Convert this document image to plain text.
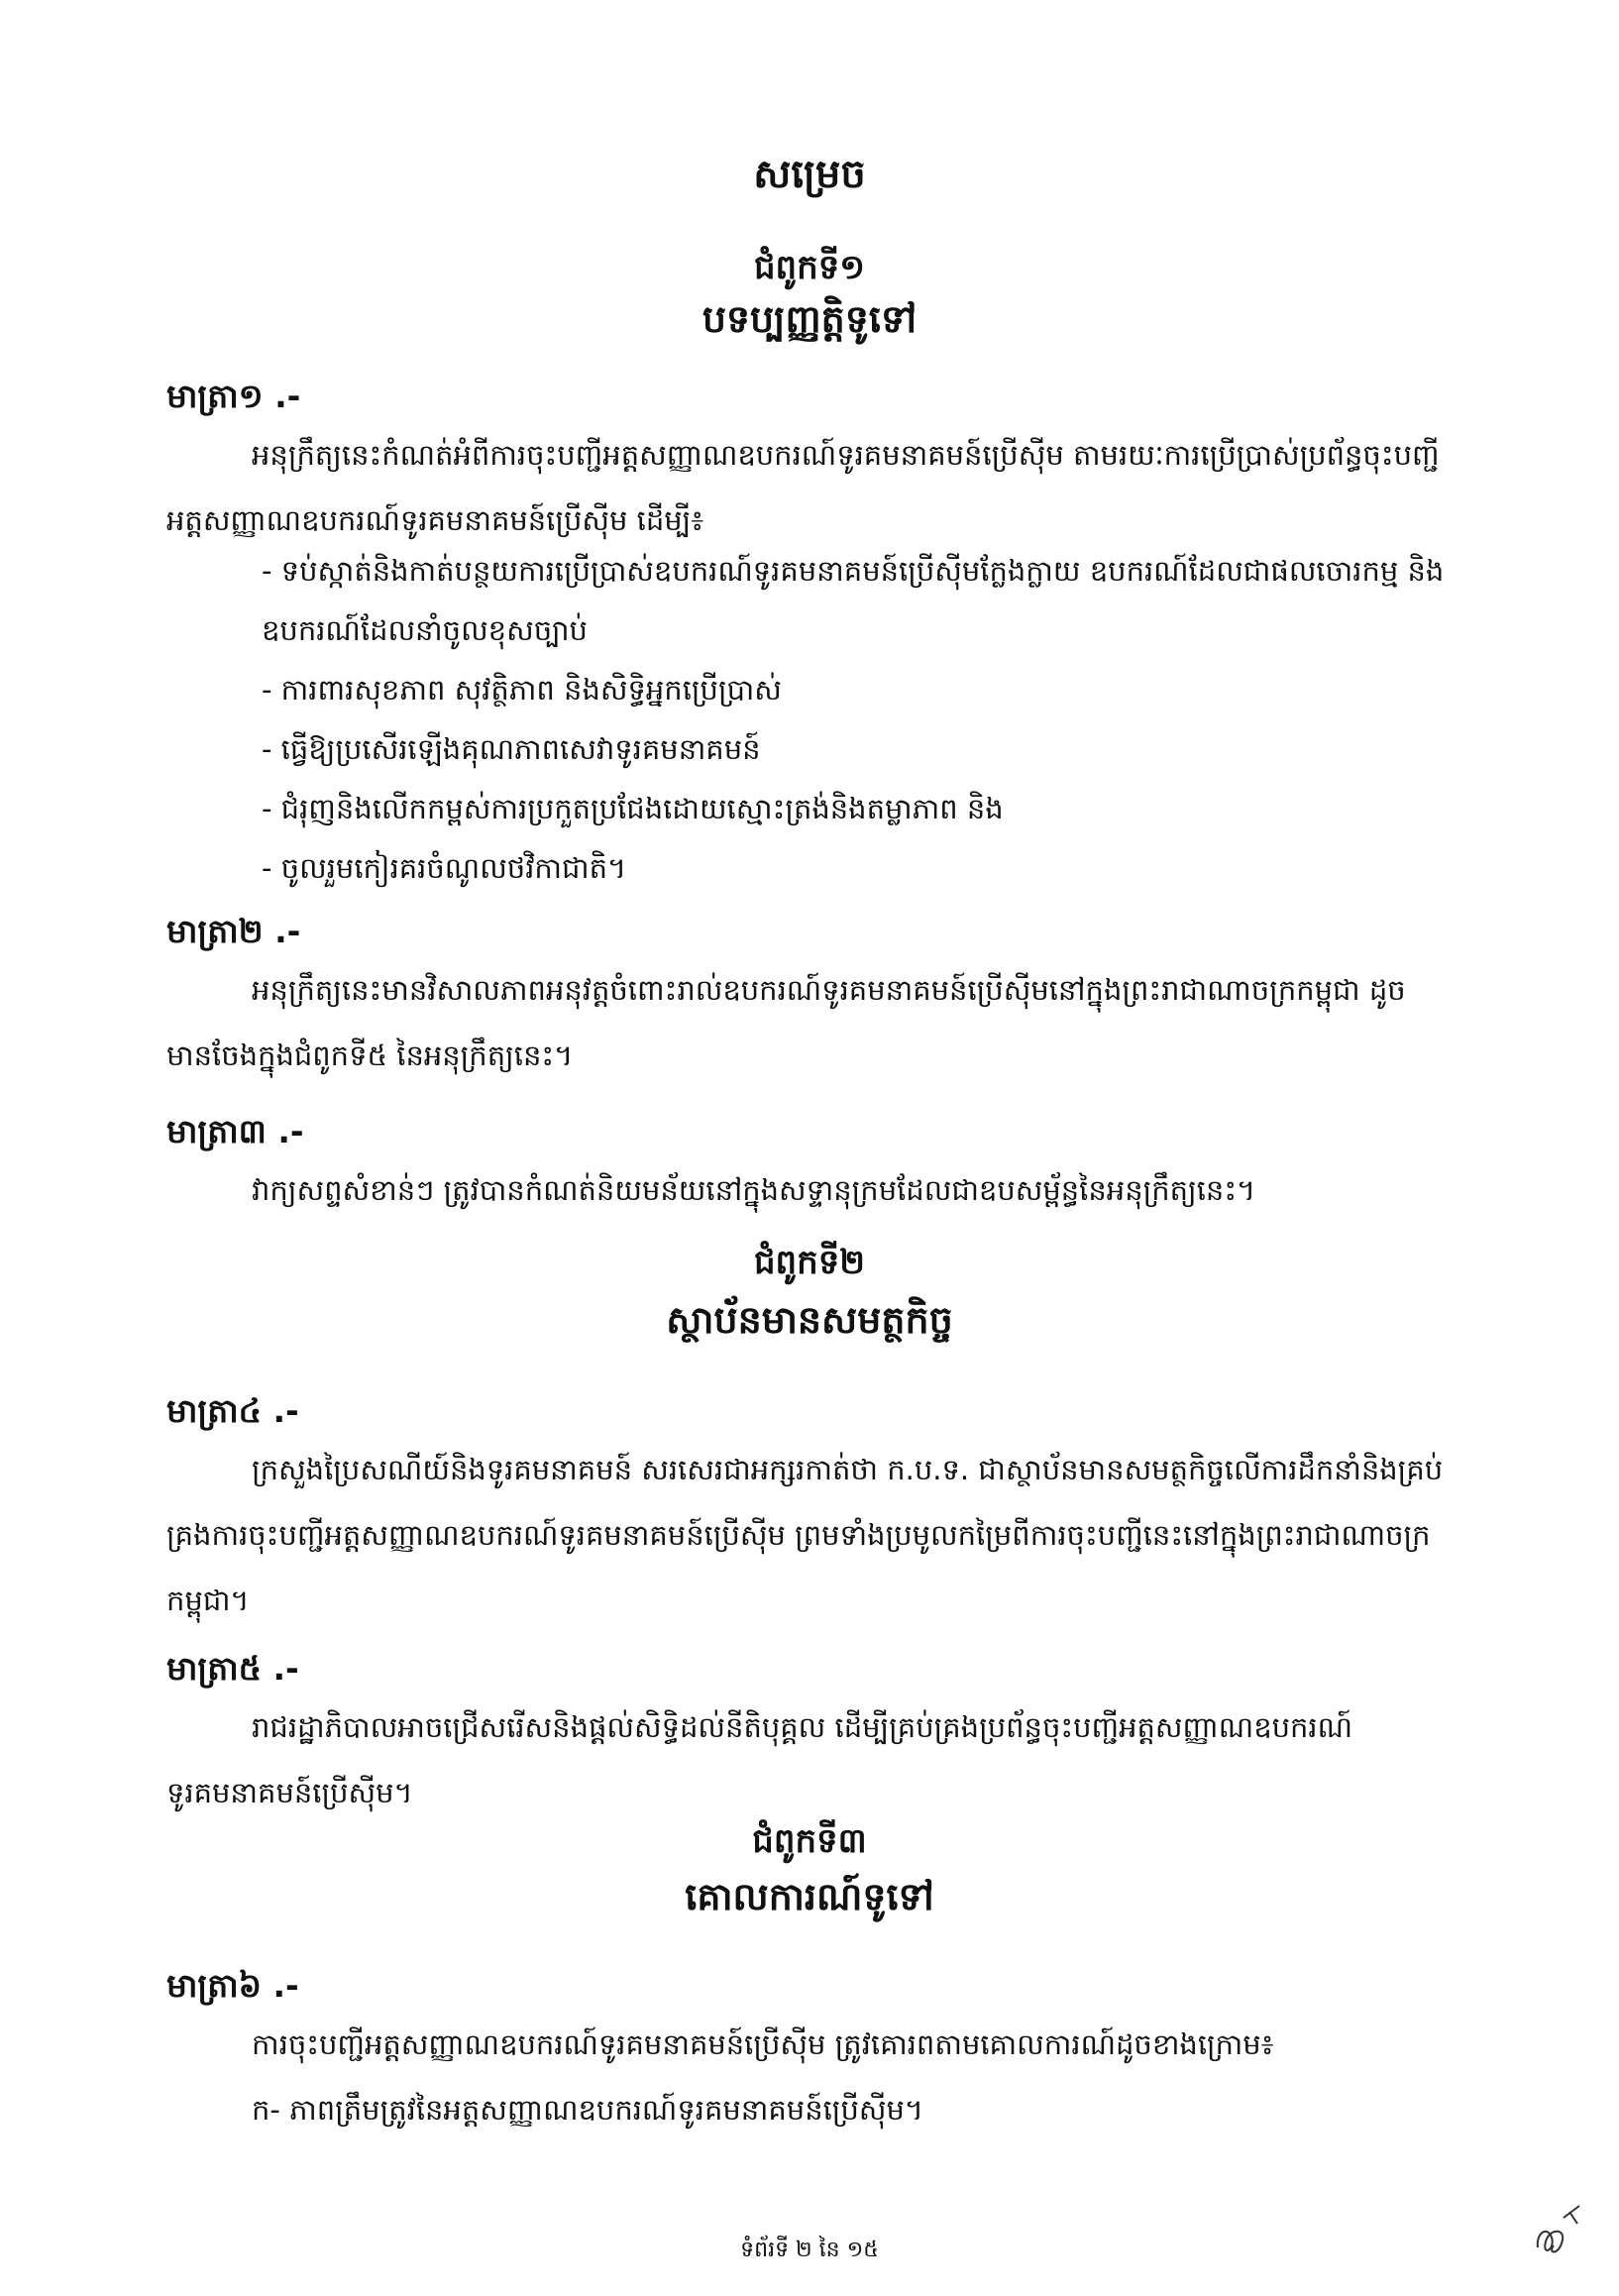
សម្រេច
ជំពូកទី១
បទប្បញ្ញត្តិទូទៅ
មាត្រា១ .-
អនុក្រឹត្យនេះកំណត់អំពីការចុះបញ្ជីអត្តសញ្ញាណឧបករណ៍ទូរគមនាគមន៍ប្រើស៊ីម តាមរយៈការប្រើប្រាស់ប្រព័ន្ធចុះបញ្ជីអត្តសញ្ញាណឧបករណ៍ទូរគមនាគមន៍ប្រើស៊ីម ដើម្បី៖
- ទប់ស្កាត់និងកាត់បន្ថយការប្រើប្រាស់ឧបករណ៍ទូរគមនាគមន៍ប្រើស៊ីមក្លែងក្លាយ ឧបករណ៍ដែលជាផលចោរកម្ម និងឧបករណ៍ដែលនាំចូលខុសច្បាប់
- ការពារសុខភាព សុវត្ថិភាព និងសិទ្ធិអ្នកប្រើប្រាស់
- ធ្វើឱ្យប្រសើរឡើងគុណភាពសេវាទូរគមនាគមន៍
- ជំរុញនិងលើកកម្ពស់ការប្រកួតប្រជែងដោយស្មោះត្រង់និងតម្លាភាព និង
- ចូលរួមកៀរគរចំណូលថវិកាជាតិ។
មាត្រា២ .-
អនុក្រឹត្យនេះមានវិសាលភាពអនុវត្តចំពោះរាល់ឧបករណ៍ទូរគមនាគមន៍ប្រើស៊ីមនៅក្នុងព្រះរាជាណាចក្រកម្ពុជា ដូចមានចែងក្នុងជំពូកទី៥ នៃអនុក្រឹត្យនេះ។
មាត្រា៣ .-
វាក្យសព្ទសំខាន់ៗ ត្រូវបានកំណត់និយមន័យនៅក្នុងសទ្ទានុក្រមដែលជាឧបសម្ព័ន្ធនៃអនុក្រឹត្យនេះ។
ជំពូកទី២
ស្ថាប័នមានសមត្ថកិច្ច
មាត្រា៤ .-
ក្រសួងប្រៃសណីយ៍និងទូរគមនាគមន៍ សរសេរជាអក្សរកាត់ថា ក.ប.ទ. ជាស្ថាប័នមានសមត្ថកិច្ចលើការដឹកនាំនិងគ្រប់គ្រងការចុះបញ្ជីអត្តសញ្ញាណឧបករណ៍ទូរគមនាគមន៍ប្រើស៊ីម ព្រមទាំងប្រមូលកម្រៃពីការចុះបញ្ជីនេះនៅក្នុងព្រះរាជាណាចក្រកម្ពុជា។
មាត្រា៥ .-
រាជរដ្ឋាភិបាលអាចជ្រើសរើសនិងផ្តល់សិទ្ធិដល់នីតិបុគ្គល ដើម្បីគ្រប់គ្រងប្រព័ន្ធចុះបញ្ជីអត្តសញ្ញាណឧបករណ៍ទូរគមនាគមន៍ប្រើស៊ីម។
ជំពូកទី៣
គោលការណ៍ទូទៅ
មាត្រា៦ .-
ការចុះបញ្ជីអត្តសញ្ញាណឧបករណ៍ទូរគមនាគមន៍ប្រើស៊ីម ត្រូវគោរពតាមគោលការណ៍ដូចខាងក្រោម៖
ក- ភាពត្រឹមត្រូវនៃអត្តសញ្ញាណឧបករណ៍ទូរគមនាគមន៍ប្រើស៊ីម។
ទំព័រទី ២ នៃ ១៥
